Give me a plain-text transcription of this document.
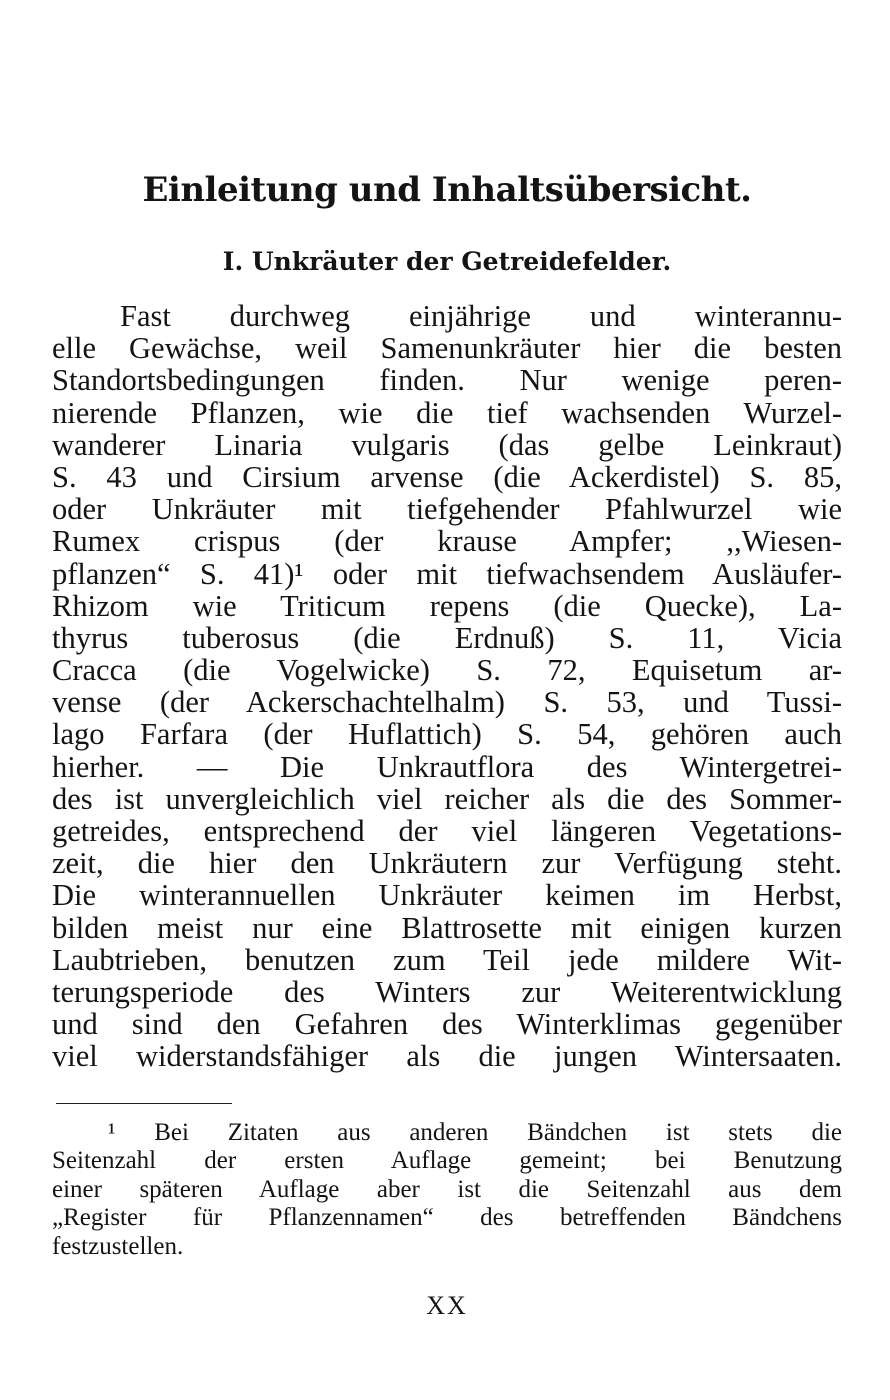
Einleitung und Inhaltsübersicht.
I. Unkräuter der Getreidefelder.
Fast durchweg einjährige und winterannu-
elle Gewächse, weil Samenunkräuter hier die besten
Standortsbedingungen finden. Nur wenige peren-
nierende Pflanzen, wie die tief wachsenden Wurzel-
wanderer Linaria vulgaris (das gelbe Leinkraut)
S. 43 und Cirsium arvense (die Ackerdistel) S. 85,
oder Unkräuter mit tiefgehender Pfahlwurzel wie
Rumex crispus (der krause Ampfer; ,,Wiesen-
pflanzen“ S. 41)¹ oder mit tiefwachsendem Ausläufer-
Rhizom wie Triticum repens (die Quecke), La-
thyrus tuberosus (die Erdnuß) S. 11, Vicia
Cracca (die Vogelwicke) S. 72, Equisetum ar-
vense (der Ackerschachtelhalm) S. 53, und Tussi-
lago Farfara (der Huflattich) S. 54, gehören auch
hierher. — Die Unkrautflora des Wintergetrei-
des ist unvergleichlich viel reicher als die des Sommer-
getreides, entsprechend der viel längeren Vegetations-
zeit, die hier den Unkräutern zur Verfügung steht.
Die winterannuellen Unkräuter keimen im Herbst,
bilden meist nur eine Blattrosette mit einigen kurzen
Laubtrieben, benutzen zum Teil jede mildere Wit-
terungsperiode des Winters zur Weiterentwicklung
und sind den Gefahren des Winterklimas gegenüber
viel widerstandsfähiger als die jungen Wintersaaten.
¹ Bei Zitaten aus anderen Bändchen ist stets die
Seitenzahl der ersten Auflage gemeint; bei Benutzung
einer späteren Auflage aber ist die Seitenzahl aus dem
„Register für Pflanzennamen“ des betreffenden Bändchens
festzustellen.
XX
